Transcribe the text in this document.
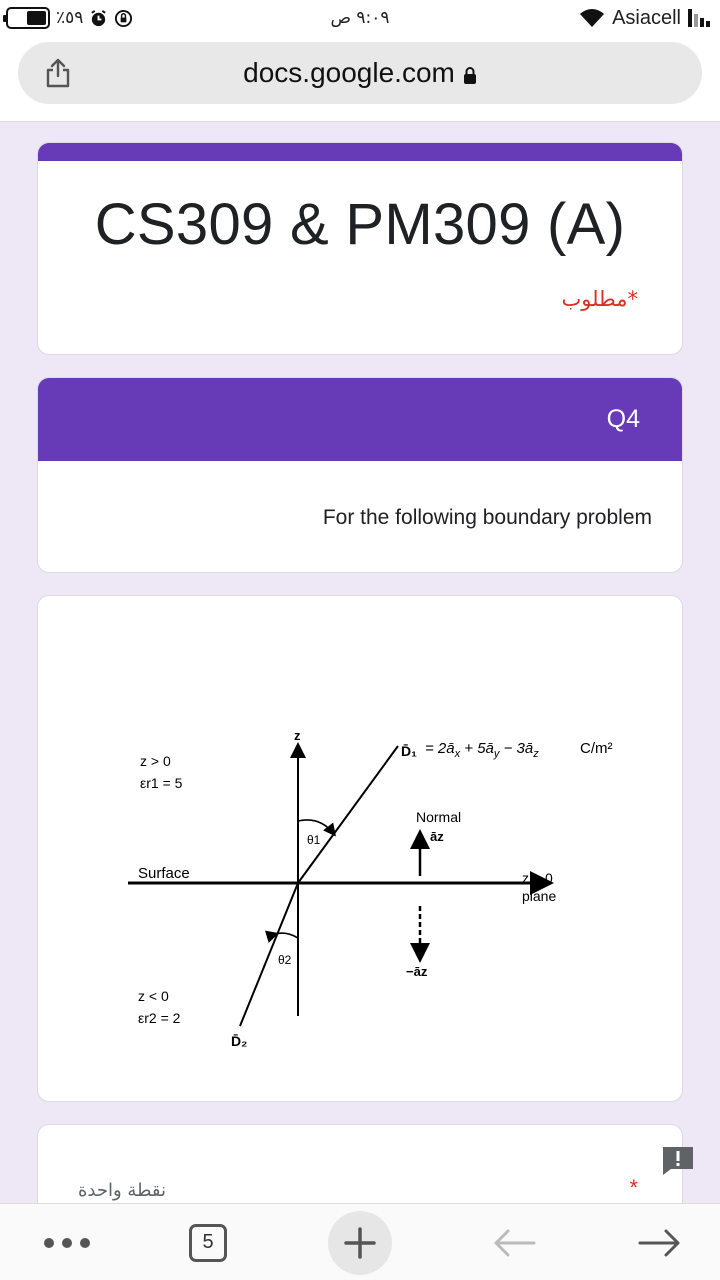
٪٥٩	٩:٠٩ ص	Asiacell
docs.google.com
CS309 & PM309 (A)
*مطلوب
Q4
For the following boundary problem
z
D̄₁ = $2ā_x$ + $5ā_y$ − $3ā_z$	C/m²
z > 0
εr1 = 5
Normal
āz
θ1
θ2
Surface	z = 0
plane
−āz
z < 0
εr2 = 2
D̄₂
نقطة واحدة	*
5
